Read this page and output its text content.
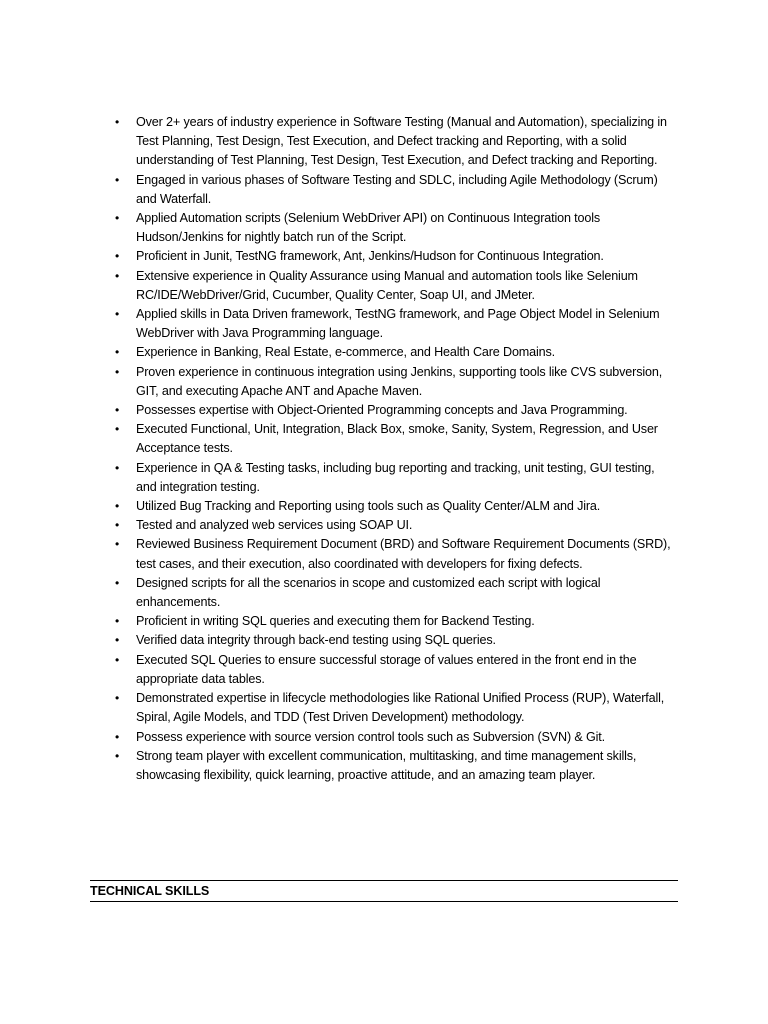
• Over 2+ years of industry experience in Software Testing (Manual and Automation), specializing in Test Planning, Test Design, Test Execution, and Defect tracking and Reporting, with a solid understanding of Test Planning, Test Design, Test Execution, and Defect tracking and Reporting.
• Engaged in various phases of Software Testing and SDLC, including Agile Methodology (Scrum) and Waterfall.
• Applied Automation scripts (Selenium WebDriver API) on Continuous Integration tools Hudson/Jenkins for nightly batch run of the Script.
• Proficient in Junit, TestNG framework, Ant, Jenkins/Hudson for Continuous Integration.
• Extensive experience in Quality Assurance using Manual and automation tools like Selenium RC/IDE/WebDriver/Grid, Cucumber, Quality Center, Soap UI, and JMeter.
• Applied skills in Data Driven framework, TestNG framework, and Page Object Model in Selenium WebDriver with Java Programming language.
• Experience in Banking, Real Estate, e-commerce, and Health Care Domains.
• Proven experience in continuous integration using Jenkins, supporting tools like CVS subversion, GIT, and executing Apache ANT and Apache Maven.
• Possesses expertise with Object-Oriented Programming concepts and Java Programming.
• Executed Functional, Unit, Integration, Black Box, smoke, Sanity, System, Regression, and User Acceptance tests.
• Experience in QA & Testing tasks, including bug reporting and tracking, unit testing, GUI testing, and integration testing.
• Utilized Bug Tracking and Reporting using tools such as Quality Center/ALM and Jira.
• Tested and analyzed web services using SOAP UI.
• Reviewed Business Requirement Document (BRD) and Software Requirement Documents (SRD), test cases, and their execution, also coordinated with developers for fixing defects.
• Designed scripts for all the scenarios in scope and customized each script with logical enhancements.
• Proficient in writing SQL queries and executing them for Backend Testing.
• Verified data integrity through back-end testing using SQL queries.
• Executed SQL Queries to ensure successful storage of values entered in the front end in the appropriate data tables.
• Demonstrated expertise in lifecycle methodologies like Rational Unified Process (RUP), Waterfall, Spiral, Agile Models, and TDD (Test Driven Development) methodology.
• Possess experience with source version control tools such as Subversion (SVN) & Git.
• Strong team player with excellent communication, multitasking, and time management skills, showcasing flexibility, quick learning, proactive attitude, and an amazing team player.
TECHNICAL SKILLS
